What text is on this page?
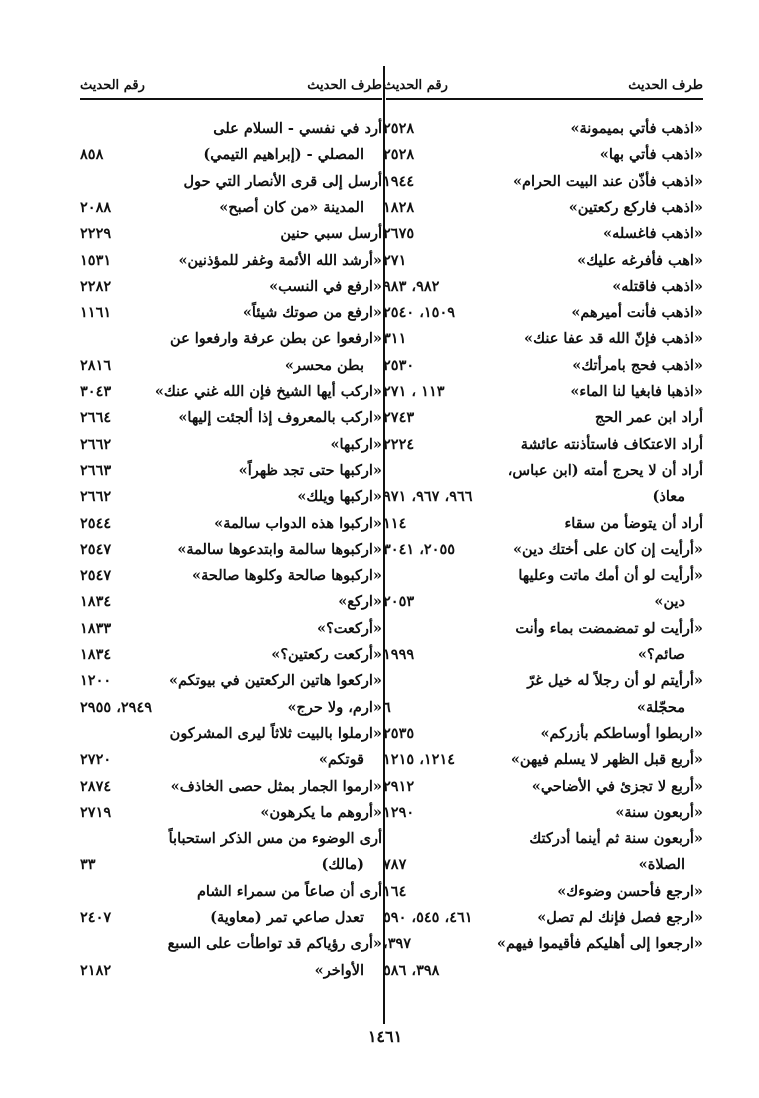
طرف الحديث
رقم الحديث
«اذهب فأتي بميمونة»
٢٥٢٨
«اذهب فأتي بها»
٢٥٢٨
«اذهب فأذّن عند البيت الحرام»
١٩٤٤
«اذهب فاركع ركعتين»
١٨٢٨
«اذهب فاغسله»
٢٦٧٥
«اهب فأفرغه عليك»
٢٧١
«اذهب فاقتله»
٩٨٢، ٩٨٣
«اذهب فأنت أميرهم»
١٥٠٩، ٢٥٤٠
«اذهب فإنّ الله قد عفا عنك»
٣١١
«اذهب فحج بامرأتك»
٢٥٣٠
«اذهبا فابغيا لنا الماء»
١١٣ ، ٢٧١
أراد ابن عمر الحج
٢٧٤٣
أراد الاعتكاف فاستأذنته عائشة
٢٢٢٤
أراد أن لا يحرج أمته (ابن عباس،
معاذ)
٩٦٦، ٩٦٧، ٩٧١
أراد أن يتوضأ من سقاء
١١٤
«أرأيت إن كان على أختك دين»
٢٠٥٥، ٣٠٤١
«أرأيت لو أن أمك ماتت وعليها
دين»
٢٠٥٣
«أرأيت لو تمضمضت بماء وأنت
صائم؟»
١٩٩٩
«أرأيتم لو أن رجلاً له خيل غرّ
محجّلة»
٦
«اربطوا أوساطكم بأزركم»
٢٥٣٥
«أربع قبل الظهر لا يسلم فيهن»
١٢١٤، ١٢١٥
«أربع لا تجزئ في الأضاحي»
٢٩١٢
«أربعون سنة»
١٢٩٠
«أربعون سنة ثم أينما أدركتك
الصلاة»
٧٨٧
«ارجع فأحسن وضوءك»
١٦٤
«ارجع فصل فإنك لم تصل»
٤٦١، ٥٤٥، ٥٩٠
«ارجعوا إلى أهليكم فأقيموا فيهم»
٣٩٧،
٣٩٨، ٥٨٦
طرف الحديث
رقم الحديث
أرد في نفسي - السلام على
المصلي - (إبراهيم التيمي)
٨٥٨
أرسل إلى قرى الأنصار التي حول
المدينة «من كان أصبح»
٢٠٨٨
أرسل سبي حنين
٢٢٢٩
«أرشد الله الأئمة وغفر للمؤذنين»
١٥٣١
«ارفع في النسب»
٢٢٨٢
«ارفع من صوتك شيئاً»
١١٦١
«ارفعوا عن بطن عرفة وارفعوا عن
بطن محسر»
٢٨١٦
«اركب أيها الشيخ فإن الله غني عنك»
٣٠٤٣
«اركب بالمعروف إذا ألجئت إليها»
٢٦٦٤
«اركبها»
٢٦٦٢
«اركبها حتى تجد ظهراً»
٢٦٦٣
«اركبها ويلك»
٢٦٦٢
«اركبوا هذه الدواب سالمة»
٢٥٤٤
«اركبوها سالمة وابتدعوها سالمة»
٢٥٤٧
«اركبوها صالحة وكلوها صالحة»
٢٥٤٧
«اركع»
١٨٣٤
«أركعت؟»
١٨٣٣
«أركعت ركعتين؟»
١٨٣٤
«اركعوا هاتين الركعتين في بيوتكم»
١٢٠٠
«ارم، ولا حرج»
٢٩٤٩، ٢٩٥٥
«ارملوا بالبيت ثلاثاً ليرى المشركون
قوتكم»
٢٧٢٠
«ارموا الجمار بمثل حصى الخاذف»
٢٨٧٤
«أروهم ما يكرهون»
٢٧١٩
أرى الوضوء من مس الذكر استحباباً
(مالك)
٣٣
أرى أن صاعاً من سمراء الشام
تعدل صاعي تمر (معاوية)
٢٤٠٧
«أرى رؤياكم قد تواطأت على السبع
الأواخر»
٢١٨٢
١٤٦١
